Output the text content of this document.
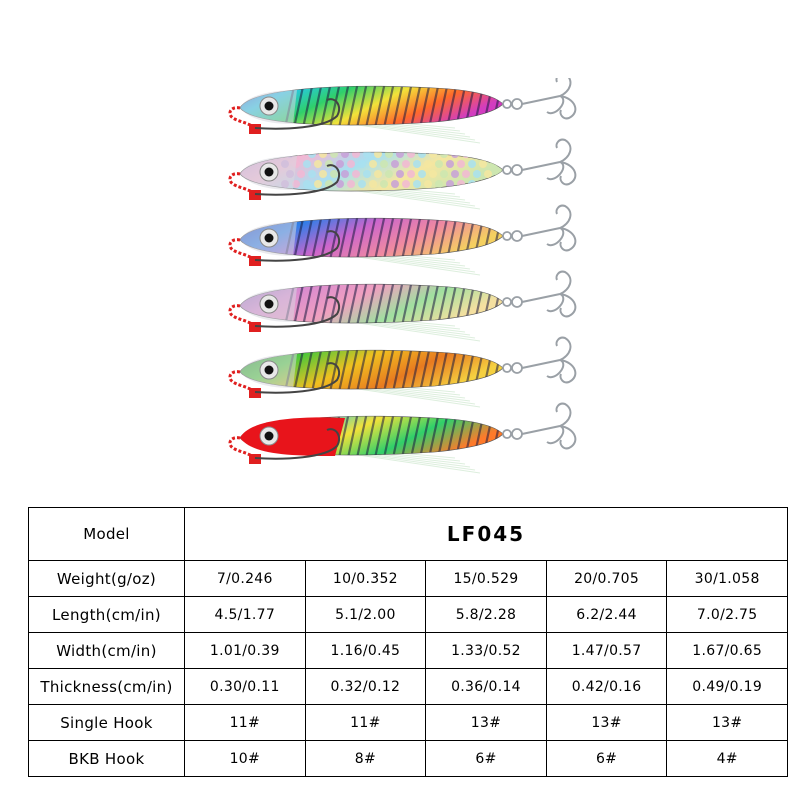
Model	LF045				
Weight(g/oz)	7/0.246	10/0.352	15/0.529	20/0.705	30/1.058
Length(cm/in)	4.5/1.77	5.1/2.00	5.8/2.28	6.2/2.44	7.0/2.75
Width(cm/in)	1.01/0.39	1.16/0.45	1.33/0.52	1.47/0.57	1.67/0.65
Thickness(cm/in)	0.30/0.11	0.32/0.12	0.36/0.14	0.42/0.16	0.49/0.19
Single Hook	11#	11#	13#	13#	13#
BKB Hook	10#	8#	6#	6#	4#
